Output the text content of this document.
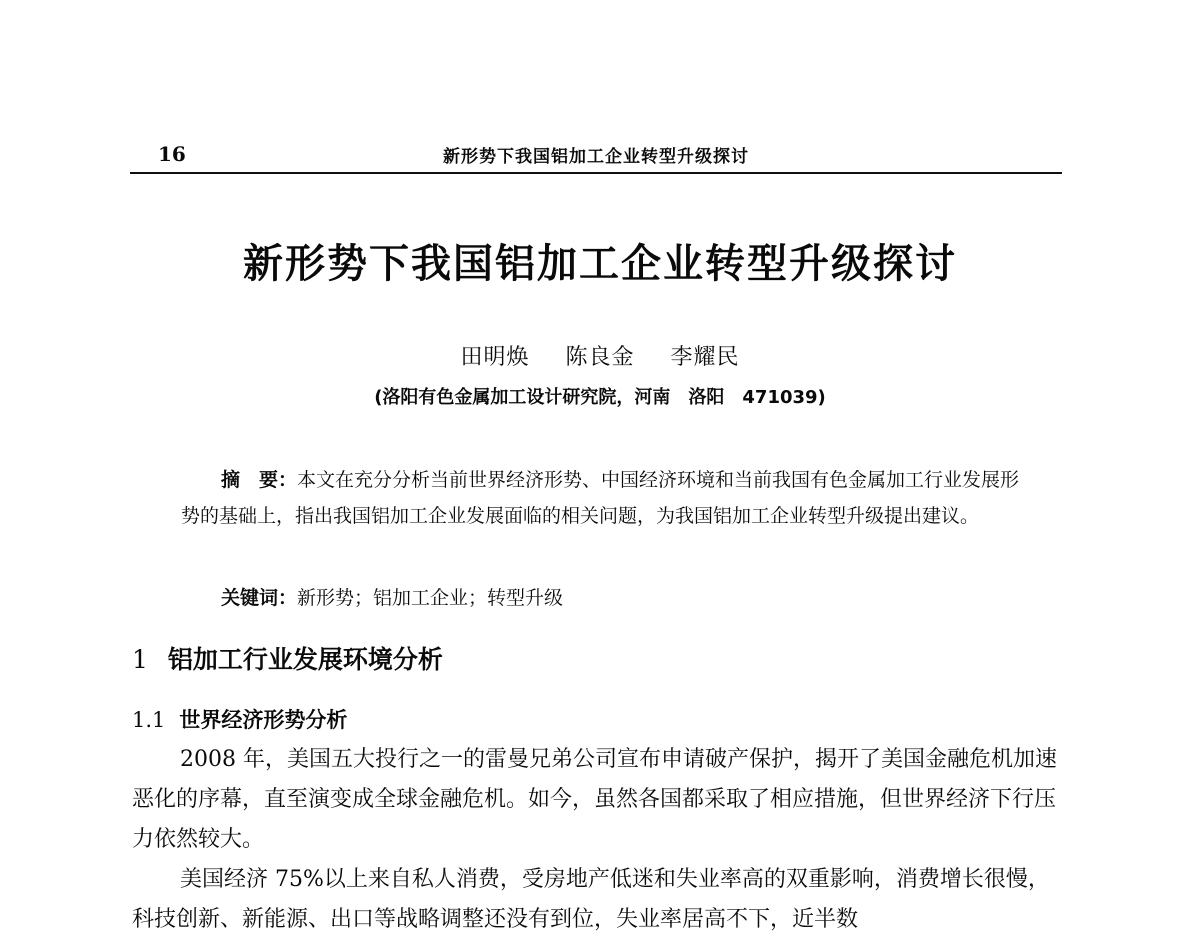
16	新形势下我国铝加工企业转型升级探讨
新形势下我国铝加工企业转型升级探讨
田明焕 陈良金 李耀民
(洛阳有色金属加工设计研究院，河南　洛阳　471039)
摘　要：本文在充分分析当前世界经济形势、中国经济环境和当前我国有色金属加工行业发展形势的基础上，指出我国铝加工企业发展面临的相关问题，为我国铝加工企业转型升级提出建议。
关键词：新形势；铝加工企业；转型升级
1 铝加工行业发展环境分析
1.1 世界经济形势分析

2008 年，美国五大投行之一的雷曼兄弟公司宣布申请破产保护，揭开了美国金融危机加速恶化的序幕，直至演变成全球金融危机。如今，虽然各国都采取了相应措施，但世界经济下行压力依然较大。

美国经济 75%以上来自私人消费，受房地产低迷和失业率高的双重影响，消费增长很慢，科技创新、新能源、出口等战略调整还没有到位，失业率居高不下，近半数
